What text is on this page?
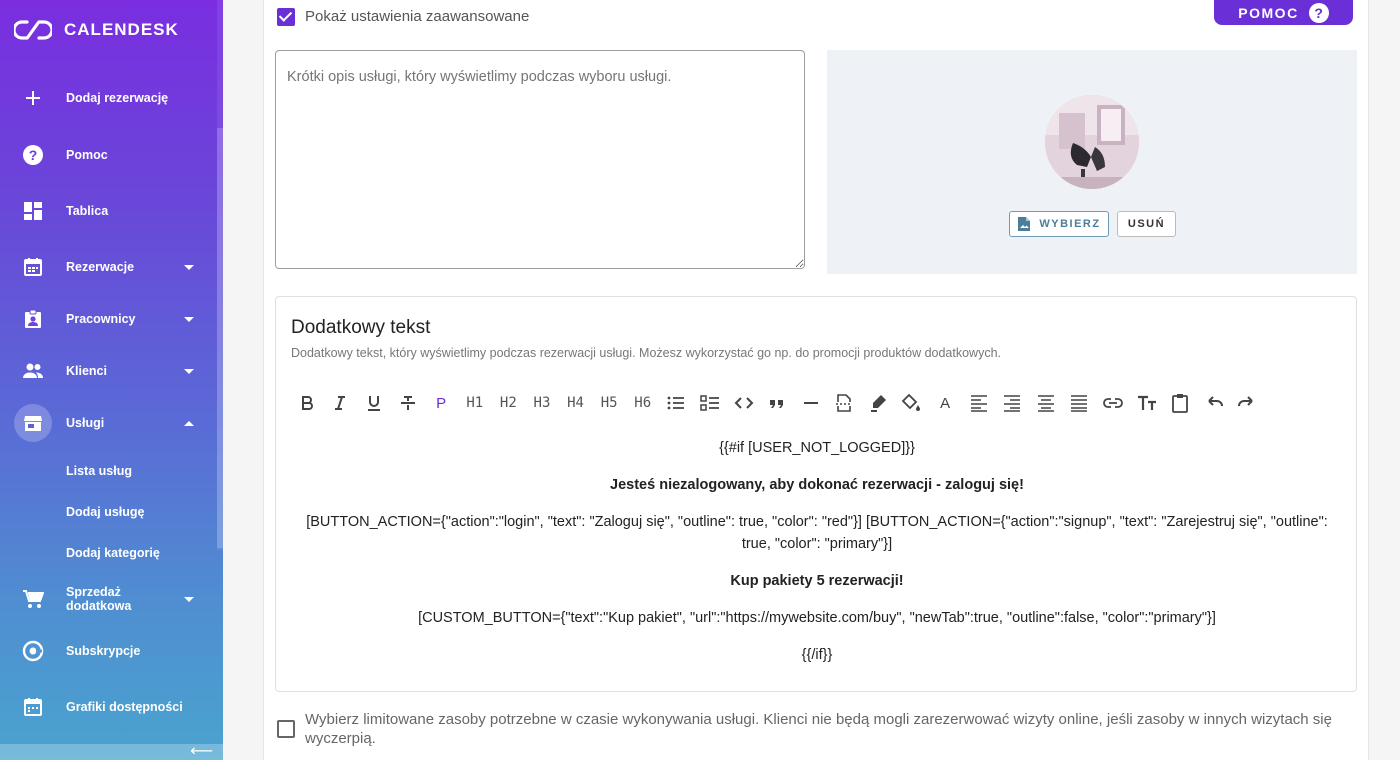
CALENDESK
Dodaj rezerwację
? Pomoc
Tablica
Rezerwacje
Pracownicy
Klienci
Usługi
Lista usług
Dodaj usługę
Dodaj kategorię
Sprzedaż dodatkowa
Subskrypcje
Grafiki dostępności
⟵
Pokaż ustawienia zaawansowane	POMOC	?
Krótki opis usługi, który wyświetlimy podczas wyboru usługi.
WYBIERZ USUŃ
Dodatkowy tekst
Dodatkowy tekst, który wyświetlimy podczas rezerwacji usługi. Możesz wykorzystać go np. do promocji produktów dodatkowych.
P	H1	H2	H3	H4	H5	H6	A

{{#if [USER_NOT_LOGGED]}}

Jesteś niezalogowany, aby dokonać rezerwacji - zaloguj się!

[BUTTON_ACTION={"action":"login", "text": "Zaloguj się", "outline": true, "color": "red"}] [BUTTON_ACTION={"action":"signup", "text": "Zarejestruj się", "outline": true, "color": "primary"}]

Kup pakiety 5 rezerwacji!

[CUSTOM_BUTTON={"text":"Kup pakiet", "url":"https://mywebsite.com/buy", "newTab":true, "outline":false, "color":"primary"}]

{{/if}}

Wybierz limitowane zasoby potrzebne w czasie wykonywania usługi. Klienci nie będą mogli zarezerwować wizyty online, jeśli zasoby w innych wizytach się wyczerpią.
